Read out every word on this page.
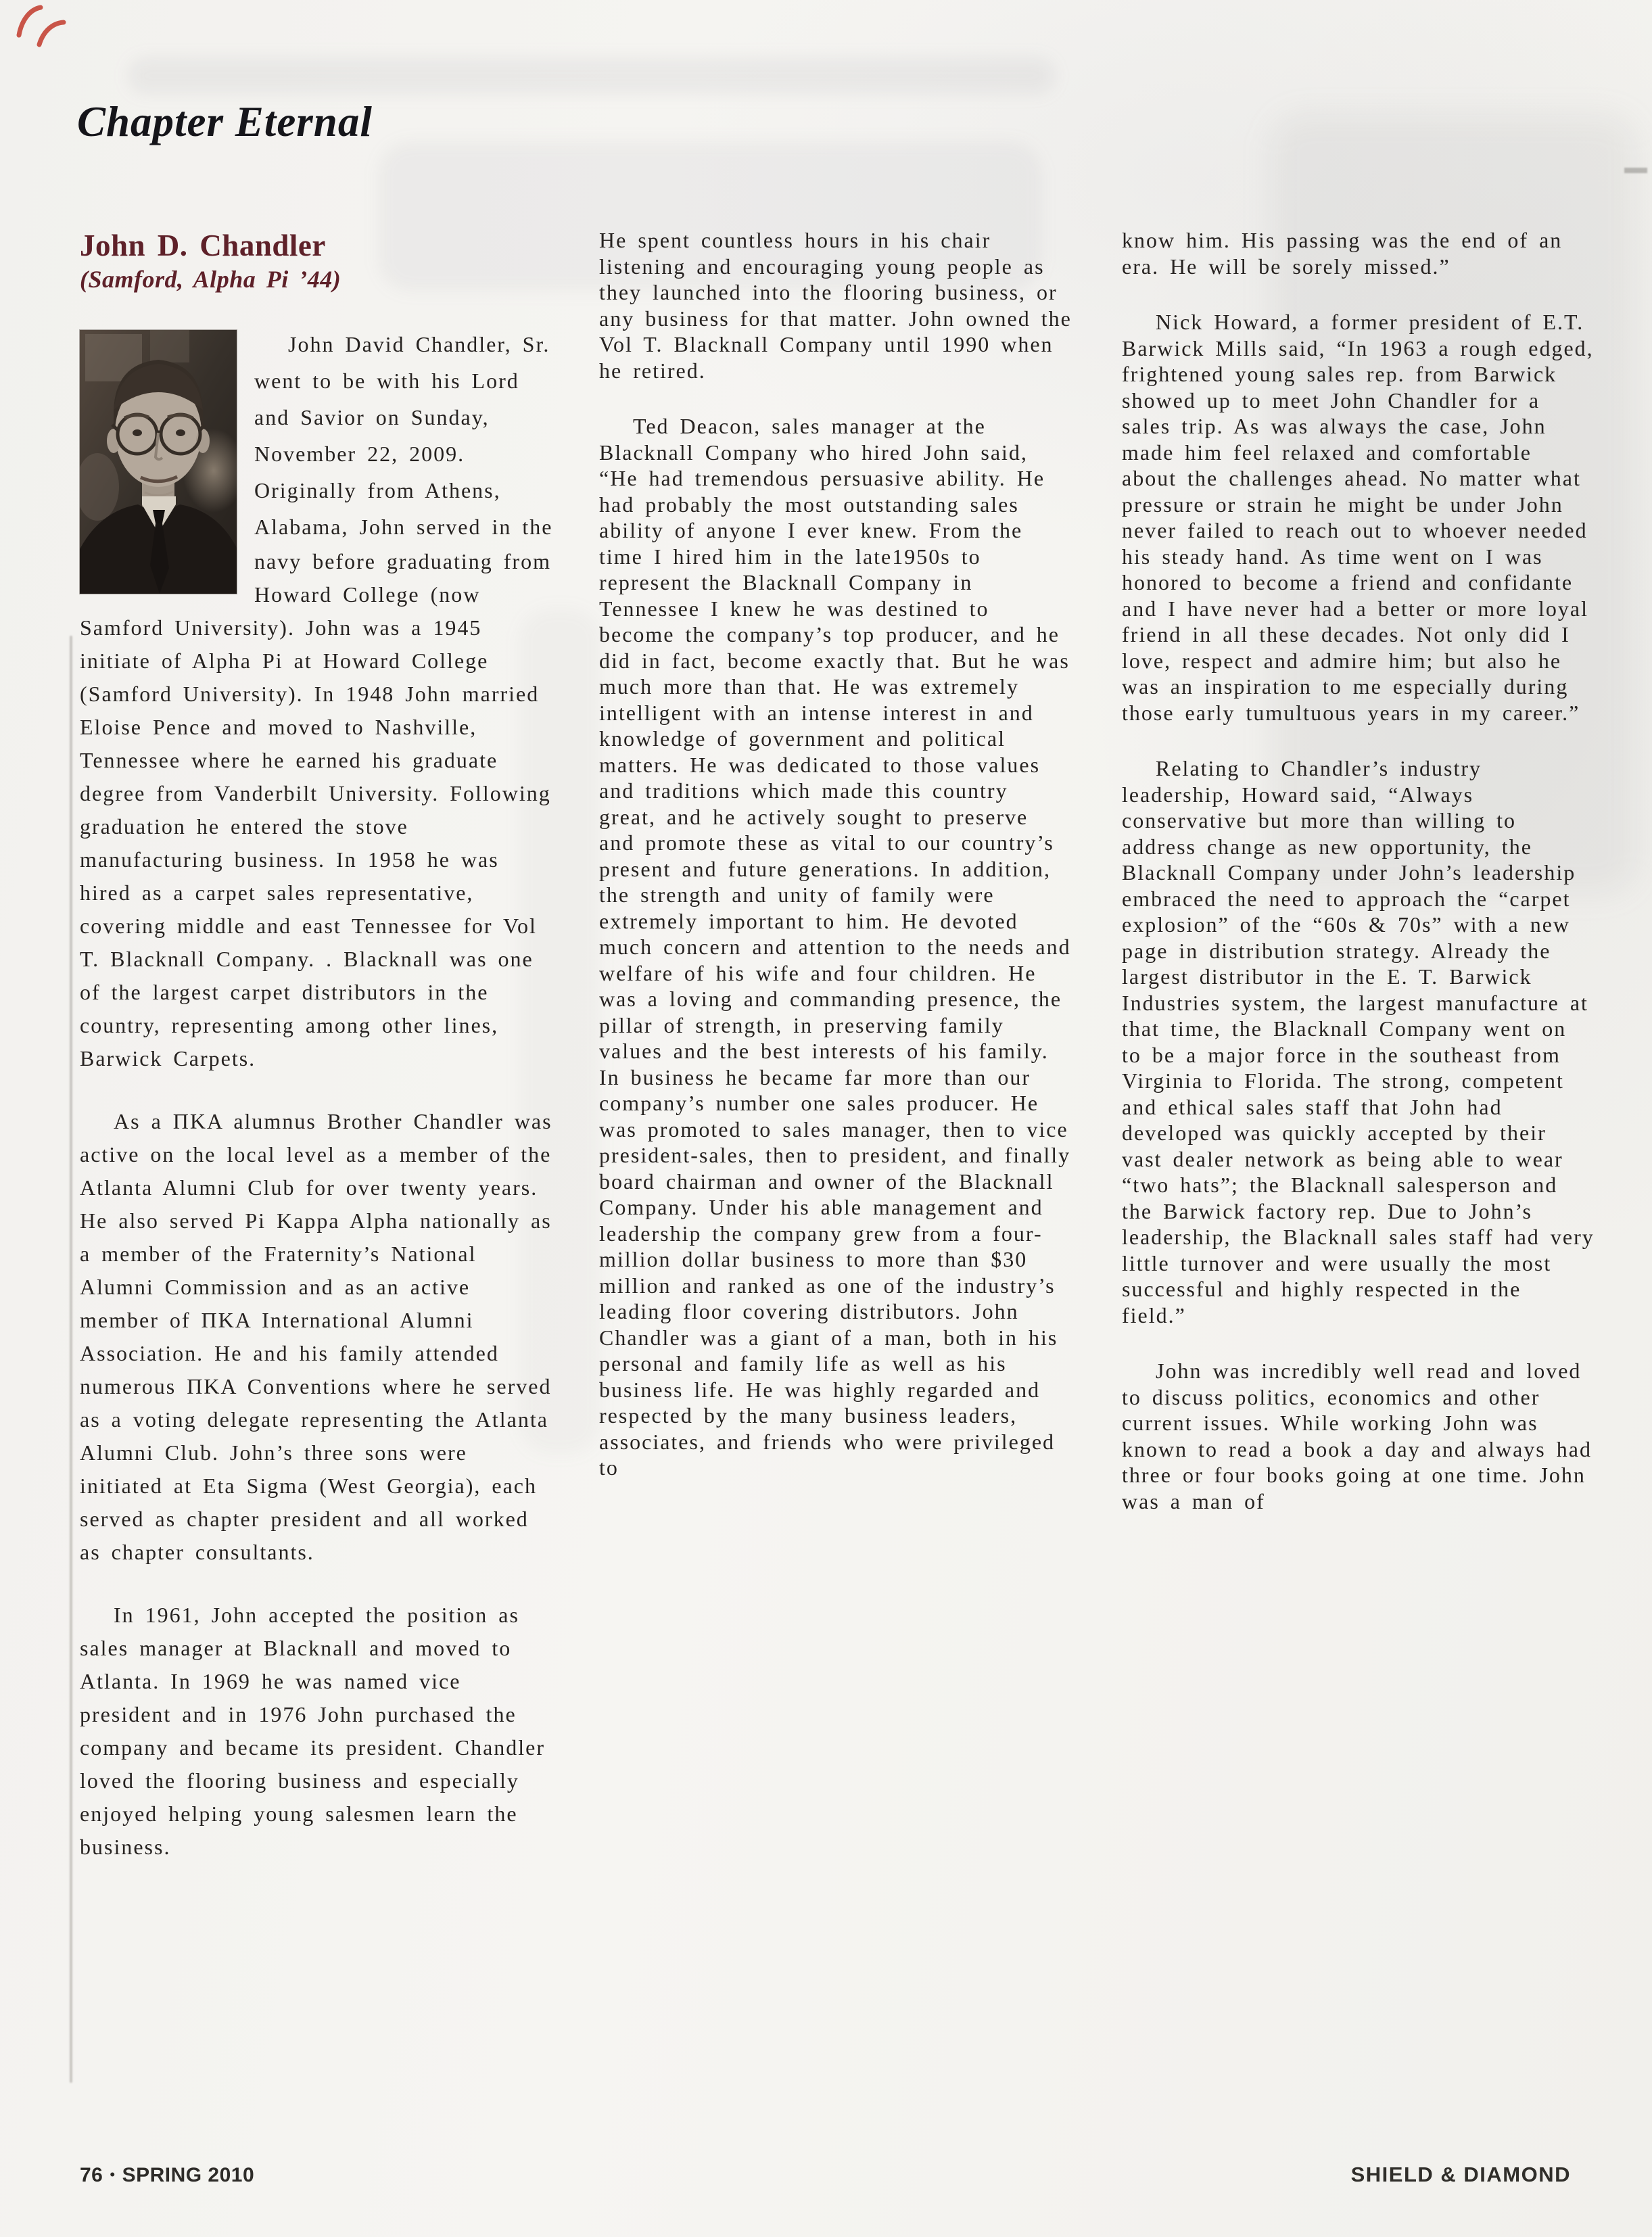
Chapter Eternal
John D. Chandler
(Samford, Alpha Pi ’44)
John David Chandler, Sr. went to be with his Lord and Savior on Sunday, November 22, 2009. Originally from Athens, Alabama, John served in the
navy before graduating from Howard College (now Samford University). John was a 1945 initiate of Alpha Pi at Howard College (Samford University). In 1948 John married Eloise Pence and moved to Nashville, Tennessee where he earned his graduate degree from Vanderbilt University. Following graduation he entered the stove manufacturing business. In 1958 he was hired as a carpet sales representative, covering middle and east Tennessee for Vol T. Blacknall Company. . Blacknall was one of the largest carpet distributors in the country, representing among other lines, Barwick Carpets.
As a ΠΚΑ alumnus Brother Chandler was active on the local level as a member of the Atlanta Alumni Club for over twenty years. He also served Pi Kappa Alpha nationally as a member of the Fraternity’s National Alumni Commission and as an active member of ΠΚΑ International Alumni Association. He and his family attended numerous ΠΚΑ Conventions where he served as a voting delegate representing the Atlanta Alumni Club. John’s three sons were initiated at Eta Sigma (West Georgia), each served as chapter president and all worked as chapter consultants.
In 1961, John accepted the position as sales manager at Blacknall and moved to Atlanta. In 1969 he was named vice president and in 1976 John purchased the company and became its president. Chandler loved the flooring business and especially enjoyed helping young salesmen learn the business.
He spent countless hours in his chair listening and encouraging young people as they launched into the flooring business, or any business for that matter. John owned the Vol T. Blacknall Company until 1990 when he retired.
Ted Deacon, sales manager at the Blacknall Company who hired John said, “He had tremendous persuasive ability. He had probably the most outstanding sales ability of anyone I ever knew. From the time I hired him in the late1950s to represent the Blacknall Company in Tennessee I knew he was destined to become the company’s top producer, and he did in fact, become exactly that. But he was much more than that. He was extremely intelligent with an intense interest in and knowledge of government and political matters. He was dedicated to those values and traditions which made this country great, and he actively sought to preserve and promote these as vital to our country’s present and future generations. In addition, the strength and unity of family were extremely important to him. He devoted much concern and attention to the needs and welfare of his wife and four children. He was a loving and commanding presence, the pillar of strength, in preserving family values and the best interests of his family. In business he became far more than our company’s number one sales producer. He was promoted to sales manager, then to vice president-sales, then to president, and finally board chairman and owner of the Blacknall Company. Under his able management and leadership the company grew from a four-million dollar business to more than $30 million and ranked as one of the industry’s leading floor covering distributors. John Chandler was a giant of a man, both in his personal and family life as well as his business life. He was highly regarded and respected by the many business leaders, associates, and friends who were privileged to
know him. His passing was the end of an era. He will be sorely missed.”
Nick Howard, a former president of E.T. Barwick Mills said, “In 1963 a rough edged, frightened young sales rep. from Barwick showed up to meet John Chandler for a sales trip. As was always the case, John made him feel relaxed and comfortable about the challenges ahead. No matter what pressure or strain he might be under John never failed to reach out to whoever needed his steady hand. As time went on I was honored to become a friend and confidante and I have never had a better or more loyal friend in all these decades. Not only did I love, respect and admire him; but also he was an inspiration to me especially during those early tumultuous years in my career.”
Relating to Chandler’s industry leadership, Howard said, “Always conservative but more than willing to address change as new opportunity, the Blacknall Company under John’s leadership embraced the need to approach the “carpet explosion” of the “60s & 70s” with a new page in distribution strategy. Already the largest distributor in the E. T. Barwick Industries system, the largest manufacture at that time, the Blacknall Company went on to be a major force in the southeast from Virginia to Florida. The strong, competent and ethical sales staff that John had developed was quickly accepted by their vast dealer network as being able to wear “two hats”; the Blacknall salesperson and the Barwick factory rep. Due to John’s leadership, the Blacknall sales staff had very little turnover and were usually the most successful and highly respected in the field.”
John was incredibly well read and loved to discuss politics, economics and other current issues. While working John was known to read a book a day and always had three or four books going at one time. John was a man of
76 • SPRING 2010	SHIELD & DIAMOND
